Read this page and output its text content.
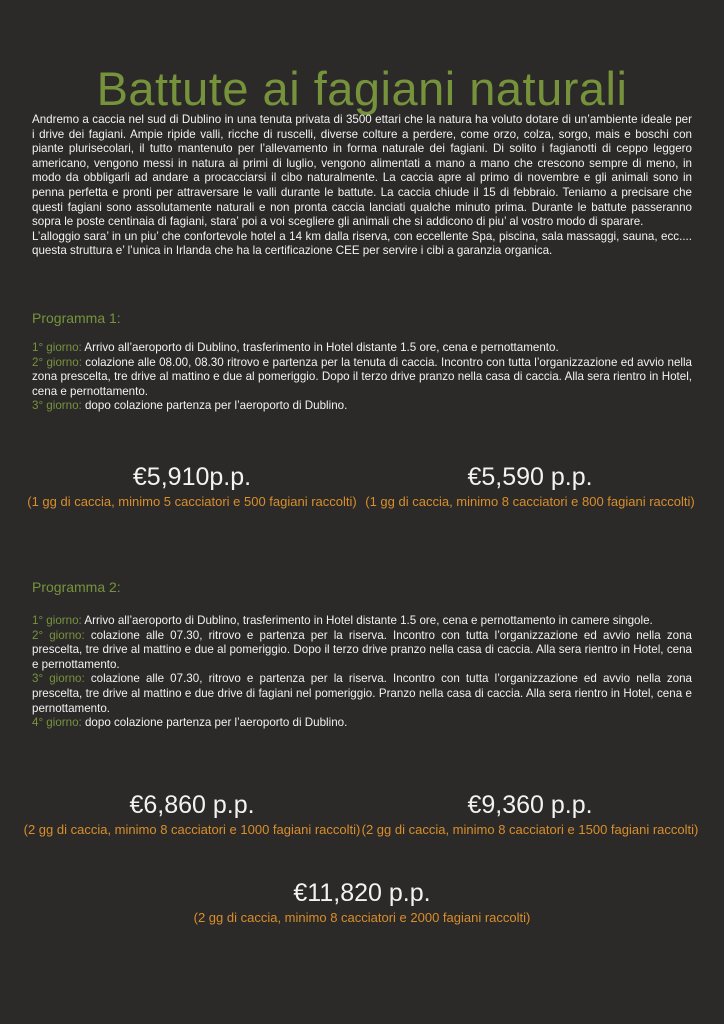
Battute ai fagiani naturali

Andremo a caccia nel sud di Dublino in una tenuta privata di 3500 ettari che la natura ha voluto dotare di un’ambiente ideale per i drive dei fagiani. Ampie ripide valli, ricche di ruscelli, diverse colture a perdere, come orzo, colza, sorgo, mais e boschi con piante plurisecolari, il tutto mantenuto per l’allevamento in forma naturale dei fagiani. Di solito i fagianotti di ceppo leggero americano, vengono messi in natura ai primi di luglio, vengono alimentati a mano a mano che crescono sempre di meno, in modo da obbligarli ad andare a procacciarsi il cibo naturalmente. La caccia apre al primo di novembre e gli animali sono in penna perfetta e pronti per attraversare le valli durante le battute. La caccia chiude il 15 di febbraio. Teniamo a precisare che questi fagiani sono assolutamente naturali e non pronta caccia lanciati qualche minuto prima. Durante le battute passeranno sopra le poste centinaia di fagiani, stara’ poi a voi scegliere gli animali che si addicono di piu’ al vostro modo di sparare.

L’alloggio sara’ in un piu’ che confortevole hotel a 14 km dalla riserva, con eccellente Spa, piscina, sala massaggi, sauna, ecc.... questa struttura e’ l’unica in Irlanda che ha la certificazione CEE per servire i cibi a garanzia organica.

Programma 1:

1° giorno: Arrivo all’aeroporto di Dublino, trasferimento in Hotel distante 1.5 ore, cena e pernottamento.

2° giorno: colazione alle 08.00, 08.30 ritrovo e partenza per la tenuta di caccia. Incontro con tutta l’organizzazione ed avvio nella zona prescelta, tre drive al mattino e due al pomeriggio. Dopo il terzo drive pranzo nella casa di caccia. Alla sera rientro in Hotel, cena e pernottamento.

3° giorno: dopo colazione partenza per l’aeroporto di Dublino.

€5,910p.p.
(1 gg di caccia, minimo 5 cacciatori e 500 fagiani raccolti)
€5,590 p.p.
(1 gg di caccia, minimo 8 cacciatori e 800 fagiani raccolti)
Programma 2:

1° giorno: Arrivo all’aeroporto di Dublino, trasferimento in Hotel distante 1.5 ore, cena e pernottamento in camere singole.

2° giorno: colazione alle 07.30, ritrovo e partenza per la riserva. Incontro con tutta l’organizzazione ed avvio nella zona prescelta, tre drive al mattino e due al pomeriggio. Dopo il terzo drive pranzo nella casa di caccia. Alla sera rientro in Hotel, cena e pernottamento.

3° giorno: colazione alle 07.30, ritrovo e partenza per la riserva. Incontro con tutta l’organizzazione ed avvio nella zona prescelta, tre drive al mattino e due drive di fagiani nel pomeriggio. Pranzo nella casa di caccia. Alla sera rientro in Hotel, cena e pernottamento.

4° giorno: dopo colazione partenza per l’aeroporto di Dublino.

€6,860 p.p.
(2 gg di caccia, minimo 8 cacciatori e 1000 fagiani raccolti)
€9,360 p.p.
(2 gg di caccia, minimo 8 cacciatori e 1500 fagiani raccolti)
€11,820 p.p.
(2 gg di caccia, minimo 8 cacciatori e 2000 fagiani raccolti)
